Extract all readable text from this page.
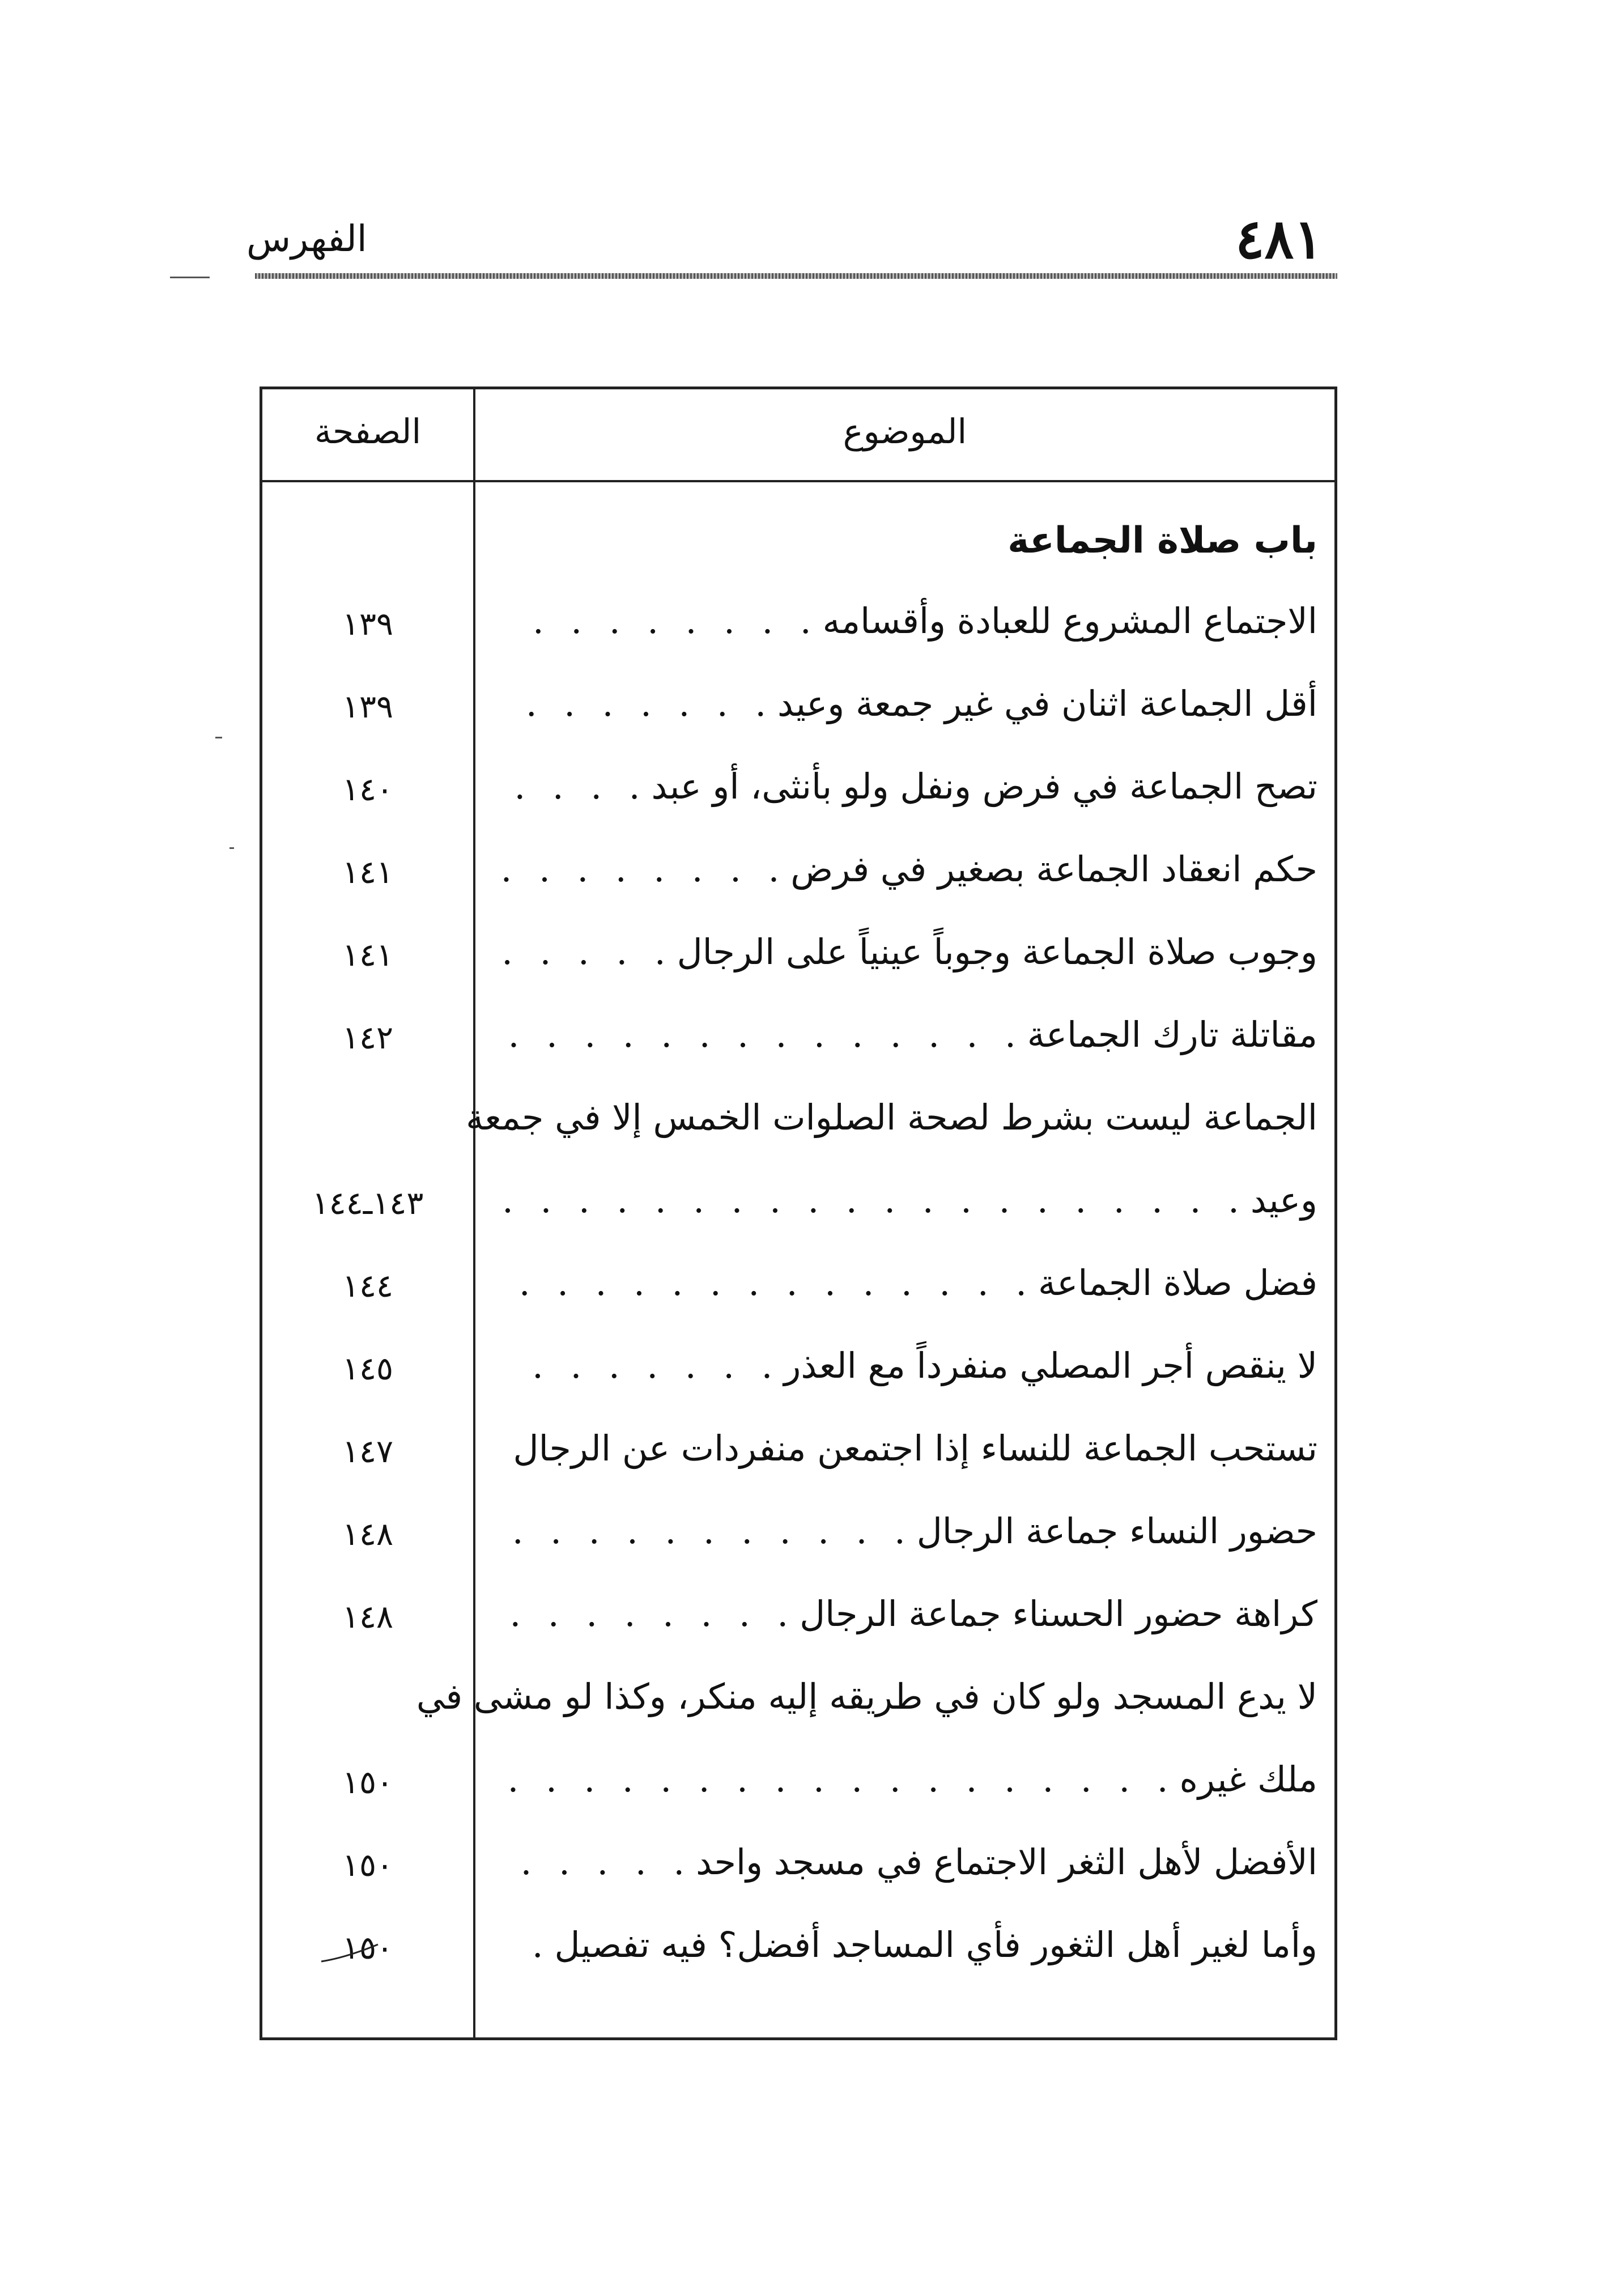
الفهرس	٤٨١
الصفحة	الموضوع
باب صلاة الجماعة
الاجتماع المشروع للعبادة وأقسامه
. . .
١٣٩
أقل الجماعة اثنان في غير جمعة وعيد
. . .
١٣٩
تصح الجماعة في فرض ونفل ولو بأنثى، أو عبد
. . .
١٤٠
حكم انعقاد الجماعة بصغير في فرض
. . .
١٤١
وجوب صلاة الجماعة وجوباً عينياً على الرجال
. . .
١٤١
مقاتلة تارك الجماعة
. . .
١٤٢
الجماعة ليست بشرط لصحة الصلوات الخمس إلا في جمعة
وعيد
. . .
١٤٣ـ١٤٤
فضل صلاة الجماعة
. . .
١٤٤
لا ينقص أجر المصلي منفرداً مع العذر
. . .
١٤٥
تستحب الجماعة للنساء إذا اجتمعن منفردات عن الرجال
. . .
١٤٧
حضور النساء جماعة الرجال
. . .
١٤٨
كراهة حضور الحسناء جماعة الرجال
. . .
١٤٨
لا يدع المسجد ولو كان في طريقه إليه منكر، وكذا لو مشى في
ملك غيره
. . .
١٥٠
الأفضل لأهل الثغر الاجتماع في مسجد واحد
. . .
١٥٠
وأما لغير أهل الثغور فأي المساجد أفضل؟ فيه تفصيل
. . .
١٥٠
